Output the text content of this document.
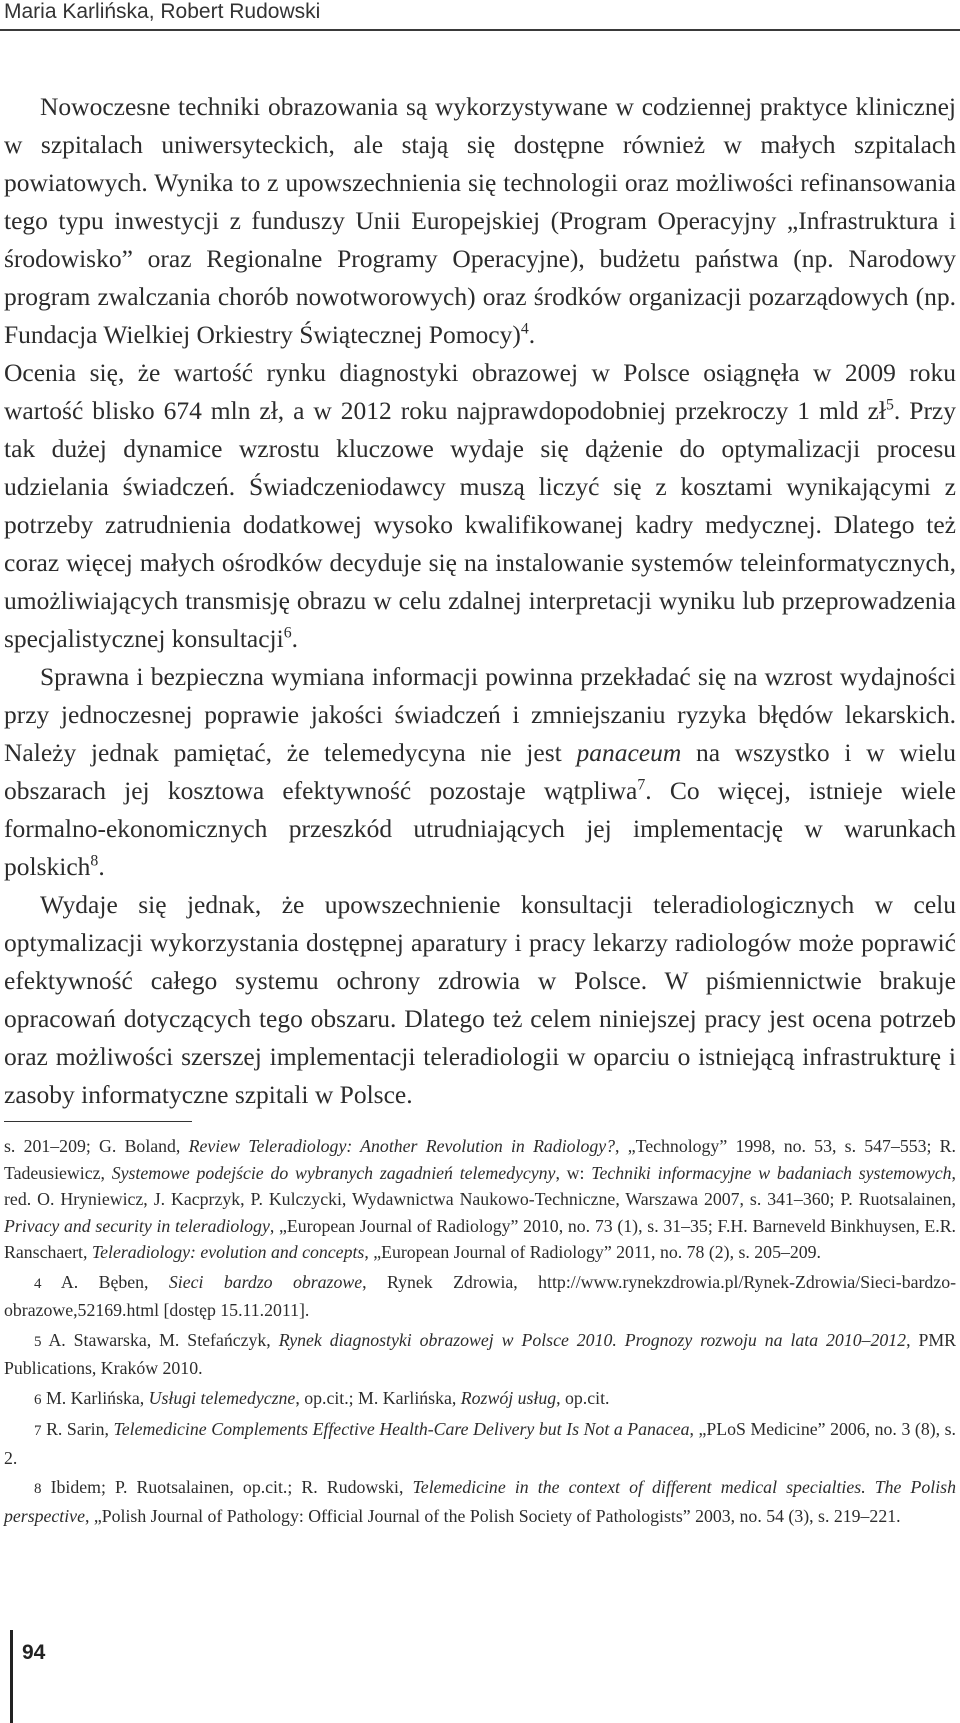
Maria Karlińska, Robert Rudowski

Nowoczesne techniki obrazowania są wykorzystywane w codziennej praktyce klinicznej w szpitalach uniwersyteckich, ale stają się dostępne również w małych szpitalach powiatowych. Wynika to z upowszechnienia się technologii oraz możliwości refinansowania tego typu inwestycji z funduszy Unii Europejskiej (Program Operacyjny „Infrastruktura i środowisko” oraz Regionalne Programy Operacyjne), budżetu państwa (np. Narodowy program zwalczania chorób nowotworowych) oraz środków organizacji pozarządowych (np. Fundacja Wielkiej Orkiestry Świątecznej Pomocy)$^4$.
Ocenia się, że wartość rynku diagnostyki obrazowej w Polsce osiągnęła w 2009 roku wartość blisko 674 mln zł, a w 2012 roku najprawdopodobniej przekroczy 1 mld $zł^5$. Przy tak dużej dynamice wzrostu kluczowe wydaje się dążenie do optymalizacji procesu udzielania świadczeń. Świadczeniodawcy muszą liczyć się z kosztami wynikającymi z potrzeby zatrudnienia dodatkowej wysoko kwalifikowanej kadry medycznej. Dlatego też coraz więcej małych ośrodków decyduje się na instalowanie systemów teleinformatycznych, umożliwiających transmisję obrazu w celu zdalnej interpretacji wyniku lub przeprowadzenia specjalistycznej konsultacji$^6$.

Sprawna i bezpieczna wymiana informacji powinna przekładać się na wzrost wydajności przy jednoczesnej poprawie jakości świadczeń i zmniejszaniu ryzyka błędów lekarskich. Należy jednak pamiętać, że telemedycyna nie jest panaceum na wszystko i w wielu obszarach jej kosztowa efektywność pozostaje wątpliwa$^7$. Co więcej, istnieje wiele formalno-ekonomicznych przeszkód utrudniających jej implementację w warunkach polskich$^8$.

Wydaje się jednak, że upowszechnienie konsultacji teleradiologicznych w celu optymalizacji wykorzystania dostępnej aparatury i pracy lekarzy radiologów może poprawić efektywność całego systemu ochrony zdrowia w Polsce. W piśmiennictwie brakuje opracowań dotyczących tego obszaru. Dlatego też celem niniejszej pracy jest ocena potrzeb oraz możliwości szerszej implementacji teleradiologii w oparciu o istniejącą infrastrukturę i zasoby informatyczne szpitali w Polsce.

s. 201–209; G. Boland, Review Teleradiology: Another Revolution in Radiology?, „Technology” 1998, no. 53, s. 547–553; R. Tadeusiewicz, Systemowe podejście do wybranych zagadnień telemedycyny, w: Techniki informacyjne w badaniach systemowych, red. O. Hryniewicz, J. Kacprzyk, P. Kulczycki, Wydawnictwa Naukowo-Techniczne, Warszawa 2007, s. 341–360; P. Ruotsalainen, Privacy and security in teleradiology, „European Journal of Radiology” 2010, no. 73 (1), s. 31–35; F.H. Barneveld Binkhuysen, E.R. Ranschaert, Teleradiology: evolution and concepts, „European Journal of Radiology” 2011, no. 78 (2), s. 205–209.

4 A. Bęben, Sieci bardzo obrazowe, Rynek Zdrowia, http://www.rynekzdrowia.pl/Rynek-Zdrowia/Sieci-bardzo-obrazowe,52169.html [dostęp 15.11.2011].

5 A. Stawarska, M. Stefańczyk, Rynek diagnostyki obrazowej w Polsce 2010. Prognozy rozwoju na lata 2010–2012, PMR Publications, Kraków 2010.

6 M. Karlińska, Usługi telemedyczne, op.cit.; M. Karlińska, Rozwój usług, op.cit.

7 R. Sarin, Telemedicine Complements Effective Health-Care Delivery but Is Not a Panacea, „PLoS Medicine” 2006, no. 3 (8), s. 2.

8 Ibidem; P. Ruotsalainen, op.cit.; R. Rudowski, Telemedicine in the context of different medical specialties. The Polish perspective, „Polish Journal of Pathology: Official Journal of the Polish Society of Pathologists” 2003, no. 54 (3), s. 219–221.

94
